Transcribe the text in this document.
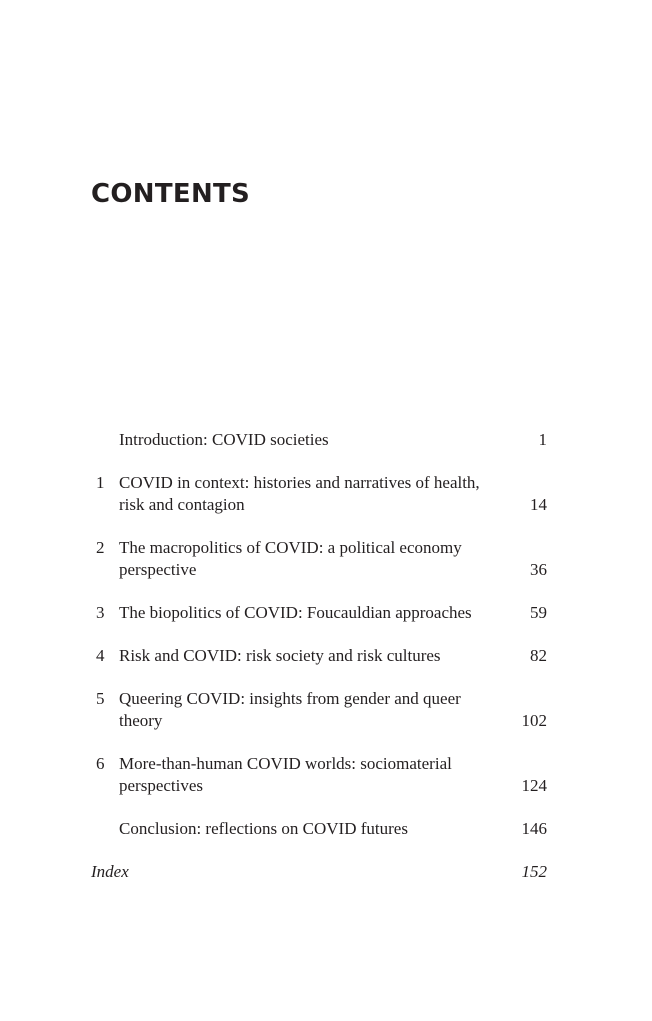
CONTENTS
Introduction: COVID societies	1
1 COVID in context: histories and narratives of health, risk and contagion	14
2 The macropolitics of COVID: a political economy perspective	36
3 The biopolitics of COVID: Foucauldian approaches	59
4 Risk and COVID: risk society and risk cultures	82
5 Queering COVID: insights from gender and queer theory	102
6 More-than-human COVID worlds: sociomaterial perspectives	124
Conclusion: reflections on COVID futures	146
Index	152
